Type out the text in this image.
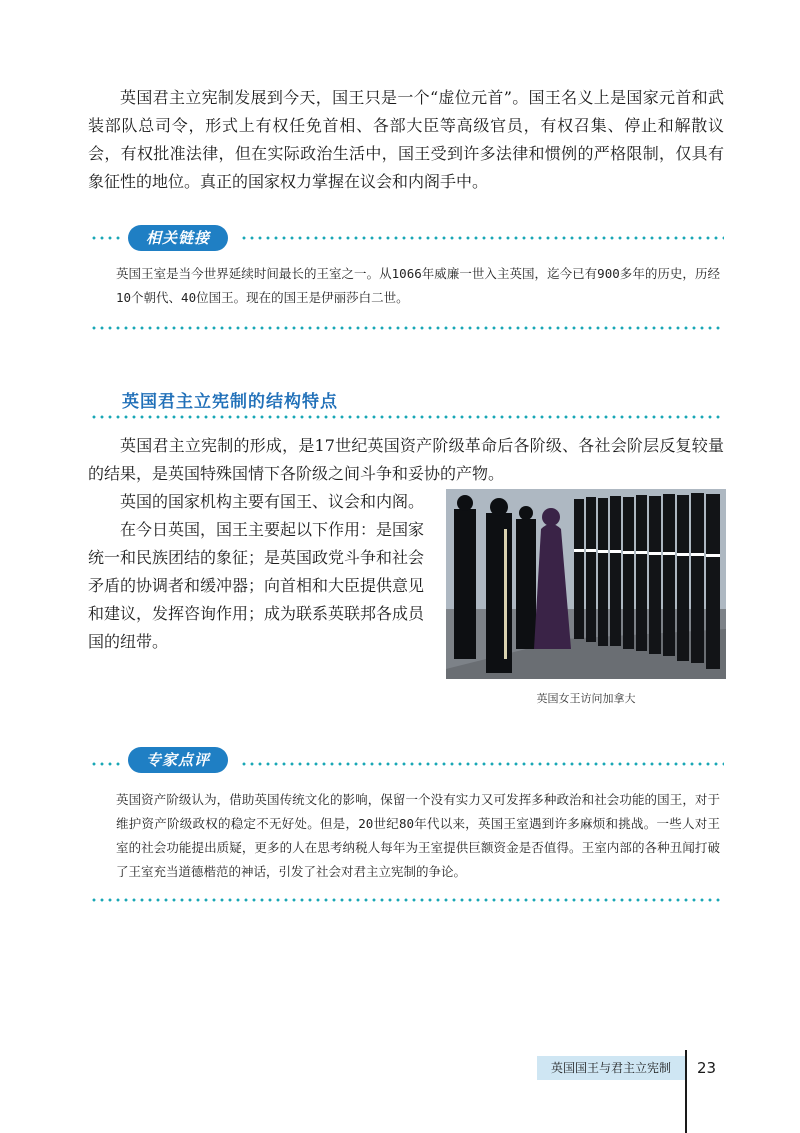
英国君主立宪制发展到今天，国王只是一个“虚位元首”。国王名义上是国家元首和武装部队总司令，形式上有权任免首相、各部大臣等高级官员，有权召集、停止和解散议会，有权批准法律，但在实际政治生活中，国王受到许多法律和惯例的严格限制，仅具有象征性的地位。真正的国家权力掌握在议会和内阁手中。

相关链接

英国王室是当今世界延续时间最长的王室之一。从1066年威廉一世入主英国，迄今已有900多年的历史，历经10个朝代、40位国王。现在的国王是伊丽莎白二世。

英国君主立宪制的结构特点

英国君主立宪制的形成，是17世纪英国资产阶级革命后各阶级、各社会阶层反复较量的结果，是英国特殊国情下各阶级之间斗争和妥协的产物。

英国的国家机构主要有国王、议会和内阁。

在今日英国，国王主要起以下作用：是国家统一和民族团结的象征；是英国政党斗争和社会矛盾的协调者和缓冲器；向首相和大臣提供意见和建议，发挥咨询作用；成为联系英联邦各成员国的纽带。

英国女王访问加拿大
专家点评

英国资产阶级认为，借助英国传统文化的影响，保留一个没有实力又可发挥多种政治和社会功能的国王，对于维护资产阶级政权的稳定不无好处。但是，20世纪80年代以来，英国王室遇到许多麻烦和挑战。一些人对王室的社会功能提出质疑，更多的人在思考纳税人每年为王室提供巨额资金是否值得。王室内部的各种丑闻打破了王室充当道德楷范的神话，引发了社会对君主立宪制的争论。

英国国王与君主立宪制	23
